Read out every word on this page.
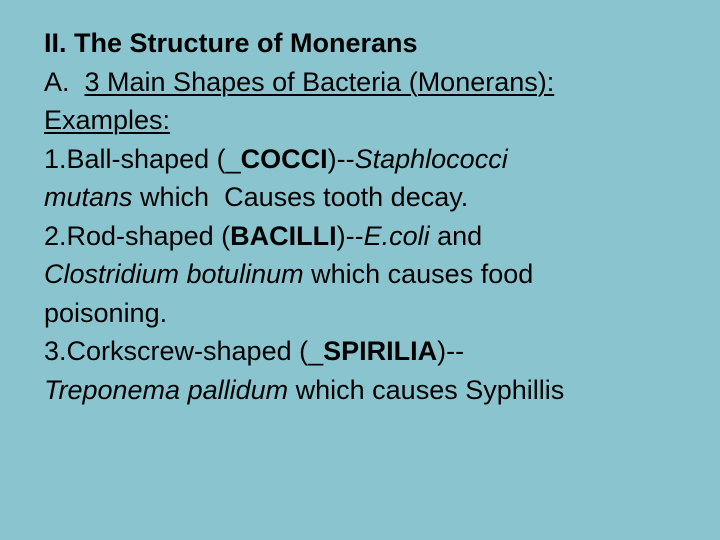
II. The Structure of Monerans
A.  3 Main Shapes of Bacteria (Monerans):
Examples:
1.Ball-shaped (_COCCI)--Staphlococci
mutans which  Causes tooth decay.
2.Rod-shaped (BACILLI)--E.coli and
Clostridium botulinum which causes food
poisoning.
3.Corkscrew-shaped (_SPIRILIA)--
Treponema pallidum which causes Syphillis
